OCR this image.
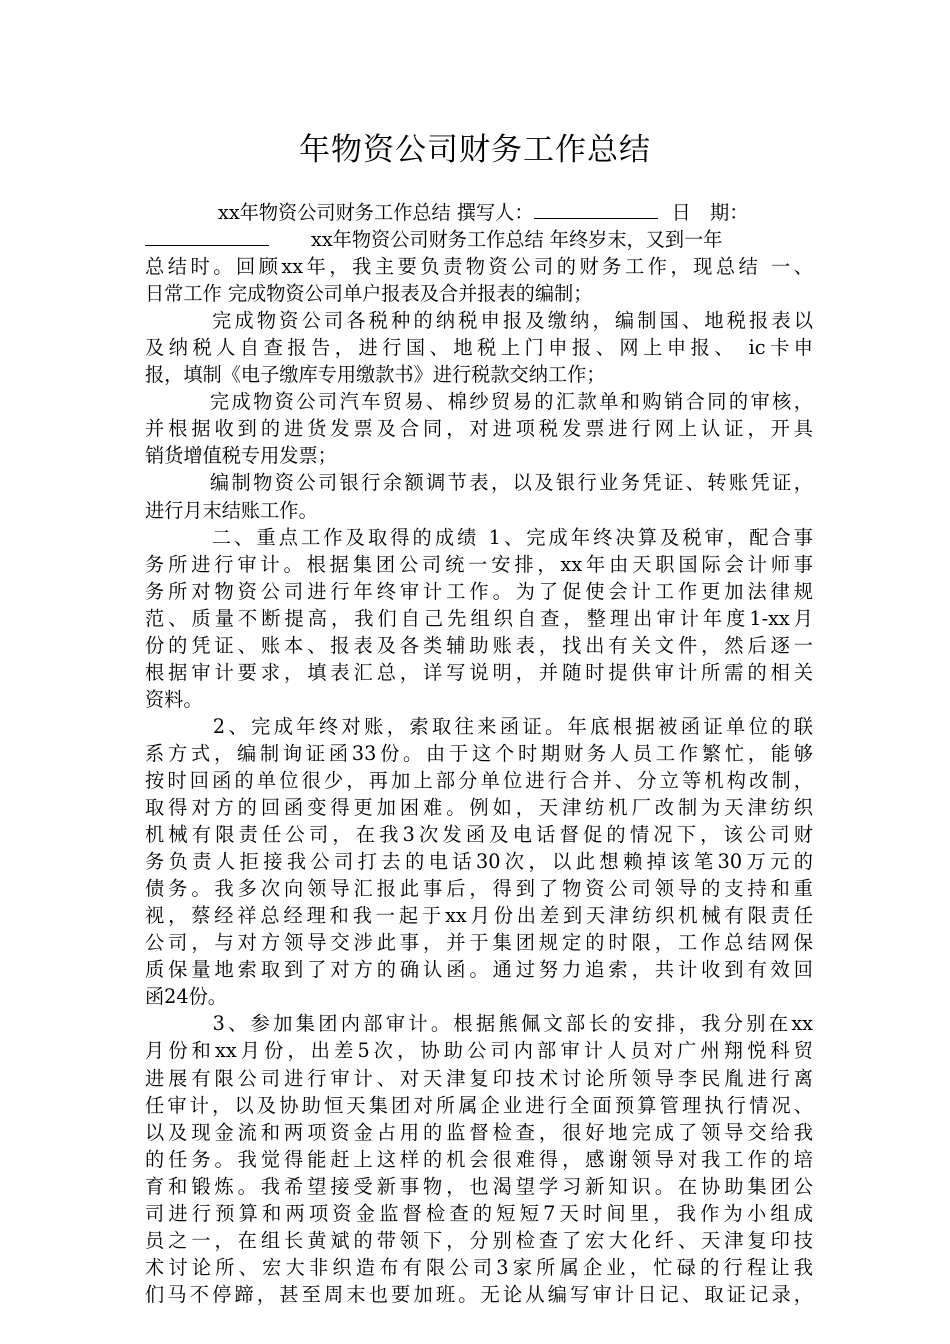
年物资公司财务工作总结
xx年物资公司财务工作总结 撰写人：	日　期：
xx年物资公司财务工作总结 年终岁末，又到一年
总结时。回顾xx年，我主要负责物资公司的财务工作，现总结 一、
日常工作 完成物资公司单户报表及合并报表的编制；
　　　完成物资公司各税种的纳税申报及缴纳，编制国、地税报表以
及纳税人自查报告，进行国、地税上门申报、网上申报、 ic卡申
报，填制《电子缴库专用缴款书》进行税款交纳工作；
　　　完成物资公司汽车贸易、棉纱贸易的汇款单和购销合同的审核，
并根据收到的进货发票及合同，对进项税发票进行网上认证，开具
销货增值税专用发票；
　　　编制物资公司银行余额调节表，以及银行业务凭证、转账凭证，
进行月末结账工作。
　　　二、重点工作及取得的成绩 1、完成年终决算及税审，配合事
务所进行审计。根据集团公司统一安排，xx年由天职国际会计师事
务所对物资公司进行年终审计工作。为了促使会计工作更加法律规
范、质量不断提高，我们自己先组织自查，整理出审计年度1-xx月
份的凭证、账本、报表及各类辅助账表，找出有关文件，然后逐一
根据审计要求，填表汇总，详写说明，并随时提供审计所需的相关
资料。
　　　2、完成年终对账，索取往来函证。年底根据被函证单位的联
系方式，编制询证函33份。由于这个时期财务人员工作繁忙，能够
按时回函的单位很少，再加上部分单位进行合并、分立等机构改制，
取得对方的回函变得更加困难。例如，天津纺机厂改制为天津纺织
机械有限责任公司，在我3次发函及电话督促的情况下，该公司财
务负责人拒接我公司打去的电话30次，以此想赖掉该笔30万元的
债务。我多次向领导汇报此事后，得到了物资公司领导的支持和重
视，蔡经祥总经理和我一起于xx月份出差到天津纺织机械有限责任
公司，与对方领导交涉此事，并于集团规定的时限，工作总结网保
质保量地索取到了对方的确认函。通过努力追索，共计收到有效回
函24份。
　　　3、参加集团内部审计。根据熊佩文部长的安排，我分别在xx
月份和xx月份，出差5次，协助公司内部审计人员对广州翔悦科贸
进展有限公司进行审计、对天津复印技术讨论所领导李民胤进行离
任审计，以及协助恒天集团对所属企业进行全面预算管理执行情况、
以及现金流和两项资金占用的监督检查，很好地完成了领导交给我
的任务。我觉得能赶上这样的机会很难得，感谢领导对我工作的培
育和锻炼。我希望接受新事物，也渴望学习新知识。在协助集团公
司进行预算和两项资金监督检查的短短7天时间里，我作为小组成
员之一，在组长黄斌的带领下，分别检查了宏大化纤、天津复印技
术讨论所、宏大非织造布有限公司3家所属企业，忙碌的行程让我
们马不停蹄，甚至周末也要加班。无论从编写审计日记、取证记录，
